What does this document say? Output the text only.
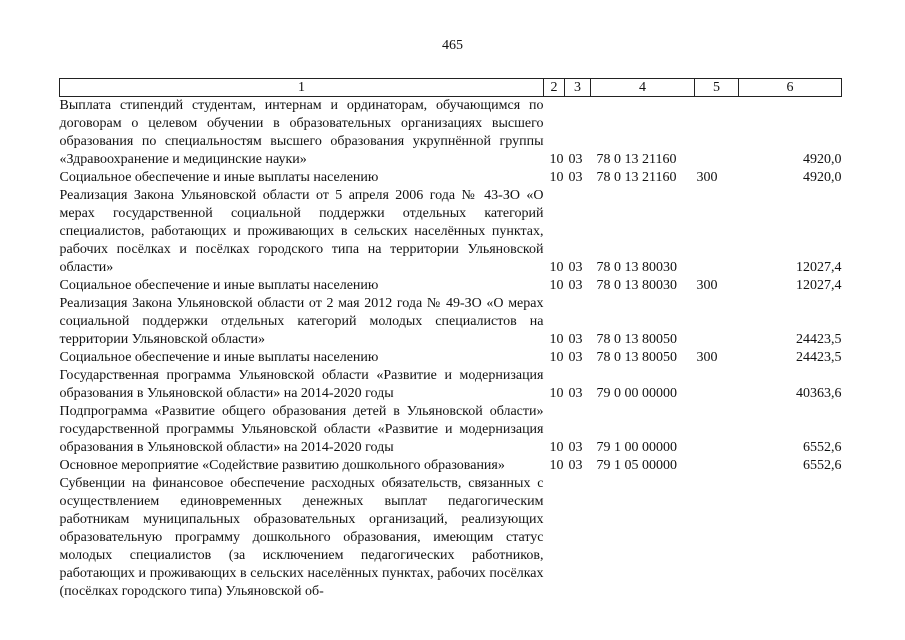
465
1	2	3	4	5	6
Выплата стипендий студентам, интернам и ординаторам, обучающимся по договорам о целевом обучении в образовательных организациях высшего образования по специальностям высшего образования укрупнённой группы «Здравоохранение и медицинские науки»	10	03	78 0 13 21160		4920,0
Социальное обеспечение и иные выплаты населению	10	03	78 0 13 21160	300	4920,0
Реализация Закона Ульяновской области от 5 апреля 2006 года № 43-ЗО «О мерах государственной социальной поддержки отдельных категорий специалистов, работающих и проживающих в сельских населённых пунктах, рабочих посёлках и посёлках городского типа на территории Ульяновской области»	10	03	78 0 13 80030		12027,4
Социальное обеспечение и иные выплаты населению	10	03	78 0 13 80030	300	12027,4
Реализация Закона Ульяновской области от 2 мая 2012 года № 49-ЗО «О мерах социальной поддержки отдельных категорий молодых специалистов на территории Ульяновской области»	10	03	78 0 13 80050		24423,5
Социальное обеспечение и иные выплаты населению	10	03	78 0 13 80050	300	24423,5
Государственная программа Ульяновской области «Развитие и модернизация образования в Ульяновской области» на 2014-2020 годы	10	03	79 0 00 00000		40363,6
Подпрограмма «Развитие общего образования детей в Ульяновской области» государственной программы Ульяновской области «Развитие и модернизация образования в Ульяновской области» на 2014-2020 годы	10	03	79 1 00 00000		6552,6
Основное мероприятие «Содействие развитию дошкольного образования»	10	03	79 1 05 00000		6552,6
Субвенции на финансовое обеспечение расходных обязательств, связанных с осуществлением единовременных денежных выплат педагогическим работникам муниципальных образовательных организаций, реализующих образовательную программу дошкольного образования, имеющим статус молодых специалистов (за исключением педагогических работников, работающих и проживающих в сельских населённых пунктах, рабочих посёлках (посёлках городского типа) Ульяновской об-					
